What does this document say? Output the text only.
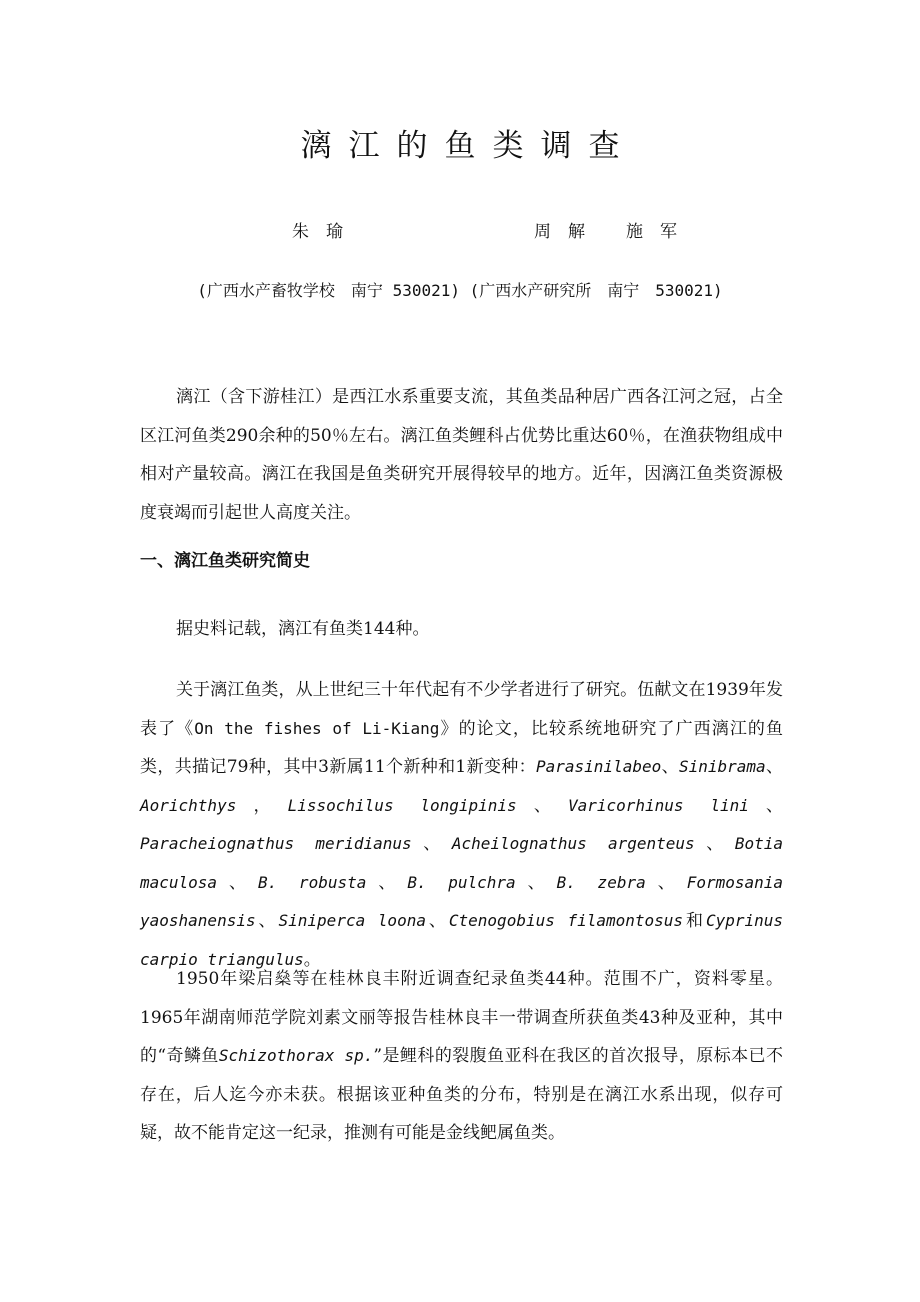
漓江的鱼类调查
朱　瑜	周　解 施　军
(广西水产畜牧学校　南宁 530021) (广西水产研究所　南宁　530021)

漓江（含下游桂江）是西江水系重要支流，其鱼类品种居广西各江河之冠，占全区江河鱼类290余种的50％左右。漓江鱼类鲤科占优势比重达60％，在渔获物组成中相对产量较高。漓江在我国是鱼类研究开展得较早的地方。近年，因漓江鱼类资源极度衰竭而引起世人高度关注。

一、漓江鱼类研究简史

据史料记载，漓江有鱼类144种。

关于漓江鱼类，从上世纪三十年代起有不少学者进行了研究。伍献文在1939年发表了《On the fishes of Li-Kiang》的论文，比较系统地研究了广西漓江的鱼类，共描记79种，其中3新属11个新种和1新变种：Parasinilabeo、Sinibrama、Aorichthys，Lissochilus longipinis、Varicorhinus lini、Paracheiognathus meridianus、Acheilognathus argenteus、Botia maculosa、B. robusta、B. pulchra、B. zebra、Formosania yaoshanensis、Siniperca loona、Ctenogobius filamontosus和Cyprinus carpio triangulus。

1950年梁启燊等在桂林良丰附近调查纪录鱼类44种。范围不广，资料零星。1965年湖南师范学院刘素文丽等报告桂林良丰一带调查所获鱼类43种及亚种，其中的“奇鳞鱼Schizothorax sp.”是鲤科的裂腹鱼亚科在我区的首次报导，原标本已不存在，后人迄今亦未获。根据该亚种鱼类的分布，特别是在漓江水系出现，似存可疑，故不能肯定这一纪录，推测有可能是金线鲃属鱼类。
